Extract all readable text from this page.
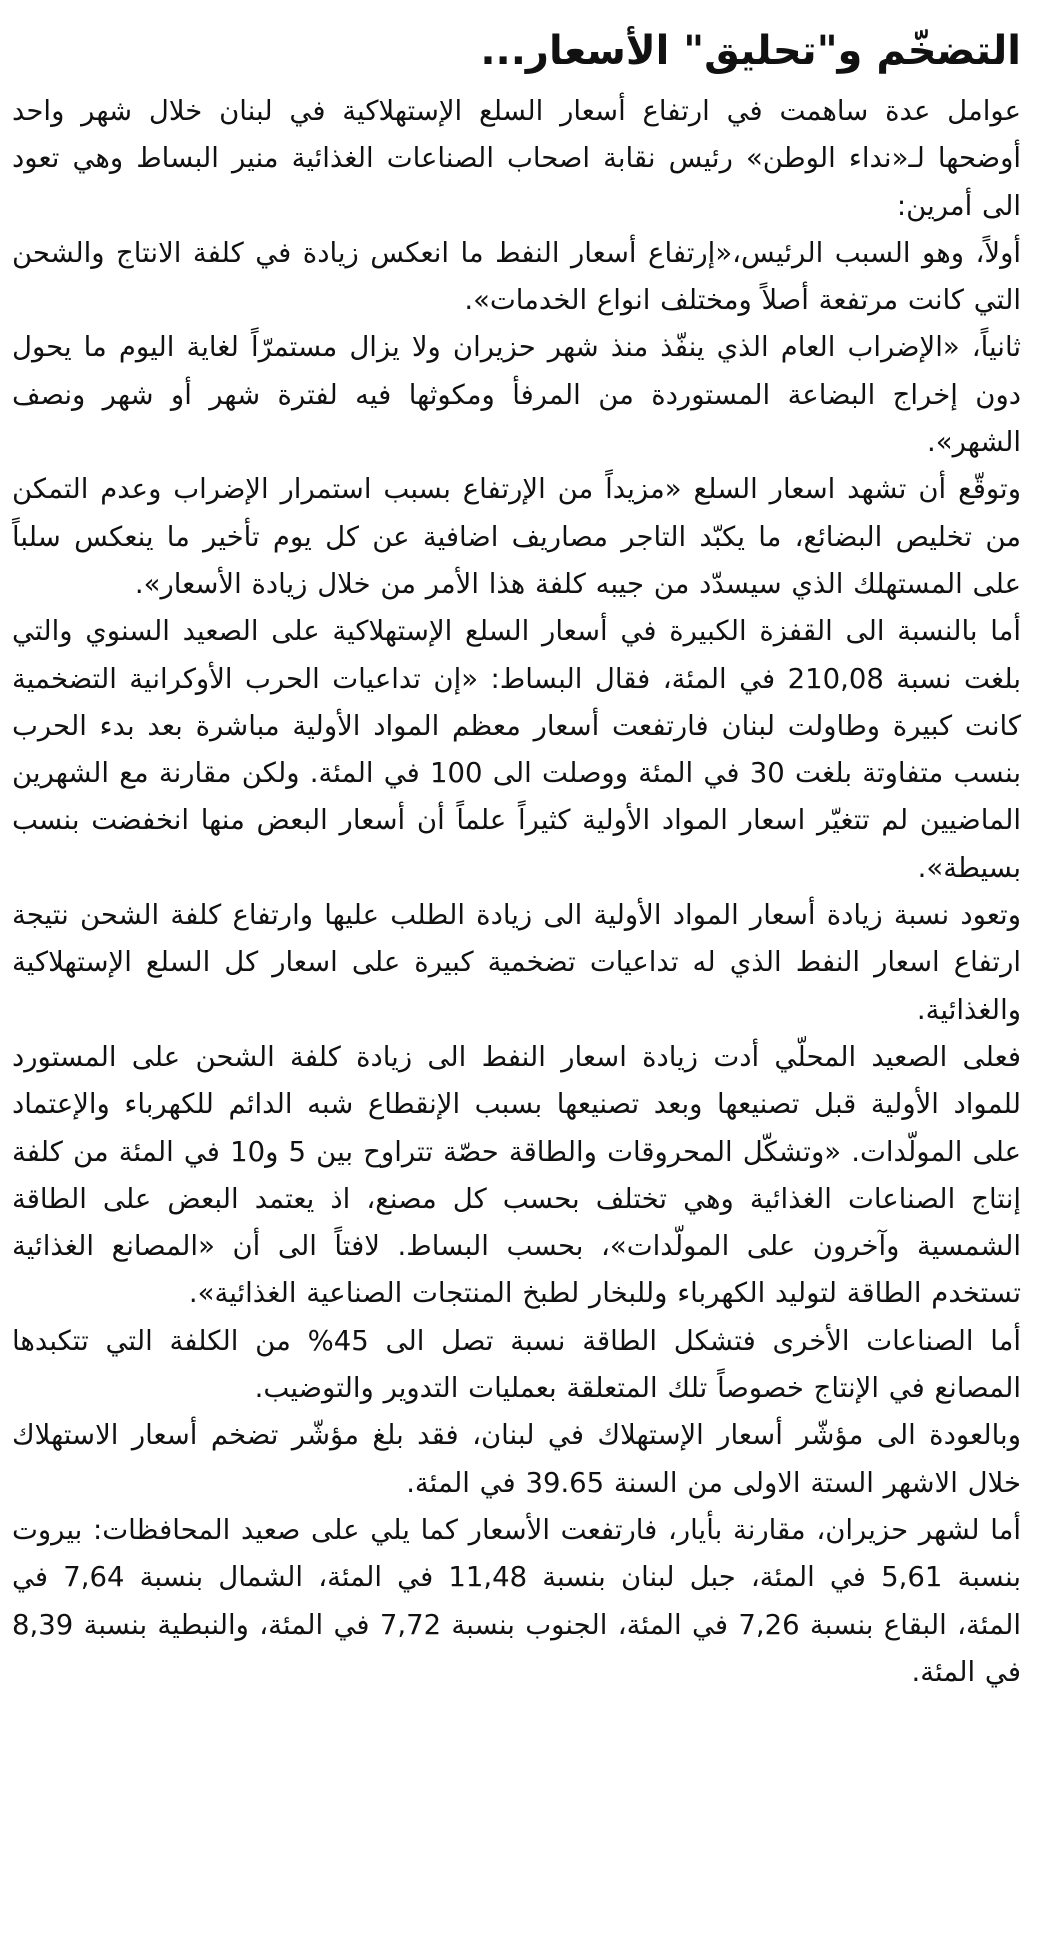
التضخّم و"تحليق" الأسعار...

عوامل عدة ساهمت في ارتفاع أسعار السلع الإستهلاكية في لبنان خلال شهر واحد أوضحها لـ«نداء الوطن» رئيس نقابة اصحاب الصناعات الغذائية منير البساط وهي تعود الى أمرين:

أولاً، وهو السبب الرئيس،«إرتفاع أسعار النفط ما انعكس زيادة في كلفة الانتاج والشحن التي كانت مرتفعة أصلاً ومختلف انواع الخدمات».

ثانياً، «الإضراب العام الذي ينفّذ منذ شهر حزيران ولا يزال مستمرّاً لغاية اليوم ما يحول دون إخراج البضاعة المستوردة من المرفأ ومكوثها فيه لفترة شهر أو شهر ونصف الشهر».

وتوقّع أن تشهد اسعار السلع «مزيداً من الإرتفاع بسبب استمرار الإضراب وعدم التمكن من تخليص البضائع، ما يكبّد التاجر مصاريف اضافية عن كل يوم تأخير ما ينعكس سلباً على المستهلك الذي سيسدّد من جيبه كلفة هذا الأمر من خلال زيادة الأسعار».

أما بالنسبة الى القفزة الكبيرة في أسعار السلع الإستهلاكية على الصعيد السنوي والتي بلغت نسبة 210,08 في المئة، فقال البساط: «إن تداعيات الحرب الأوكرانية التضخمية كانت كبيرة وطاولت لبنان فارتفعت أسعار معظم المواد الأولية مباشرة بعد بدء الحرب بنسب متفاوتة بلغت 30 في المئة ووصلت الى 100 في المئة. ولكن مقارنة مع الشهرين الماضيين لم تتغيّر اسعار المواد الأولية كثيراً علماً أن أسعار البعض منها انخفضت بنسب بسيطة».

وتعود نسبة زيادة أسعار المواد الأولية الى زيادة الطلب عليها وارتفاع كلفة الشحن نتيجة ارتفاع اسعار النفط الذي له تداعيات تضخمية كبيرة على اسعار كل السلع الإستهلاكية والغذائية.

فعلى الصعيد المحلّي أدت زيادة اسعار النفط الى زيادة كلفة الشحن على المستورد للمواد الأولية قبل تصنيعها وبعد تصنيعها بسبب الإنقطاع شبه الدائم للكهرباء والإعتماد على المولّدات. «وتشكّل المحروقات والطاقة حصّة تتراوح بين 5 و10 في المئة من كلفة إنتاج الصناعات الغذائية وهي تختلف بحسب كل مصنع، اذ يعتمد البعض على الطاقة الشمسية وآخرون على المولّدات»، بحسب البساط. لافتاً الى أن «المصانع الغذائية تستخدم الطاقة لتوليد الكهرباء وللبخار لطبخ المنتجات الصناعية الغذائية».

أما الصناعات الأخرى فتشكل الطاقة نسبة تصل الى 45% من الكلفة التي تتكبدها المصانع في الإنتاج خصوصاً تلك المتعلقة بعمليات التدوير والتوضيب.

وبالعودة الى مؤشّر أسعار الإستهلاك في لبنان، فقد بلغ مؤشّر تضخم أسعار الاستهلاك خلال الاشهر الستة الاولى من السنة 39.65 في المئة.

أما لشهر حزيران، مقارنة بأيار، فارتفعت الأسعار كما يلي على صعيد المحافظات: بيروت بنسبة 5,61 في المئة، جبل لبنان بنسبة 11,48 في المئة، الشمال بنسبة 7,64 في المئة، البقاع بنسبة 7,26 في المئة، الجنوب بنسبة 7,72 في المئة، والنبطية بنسبة 8,39 في المئة.
